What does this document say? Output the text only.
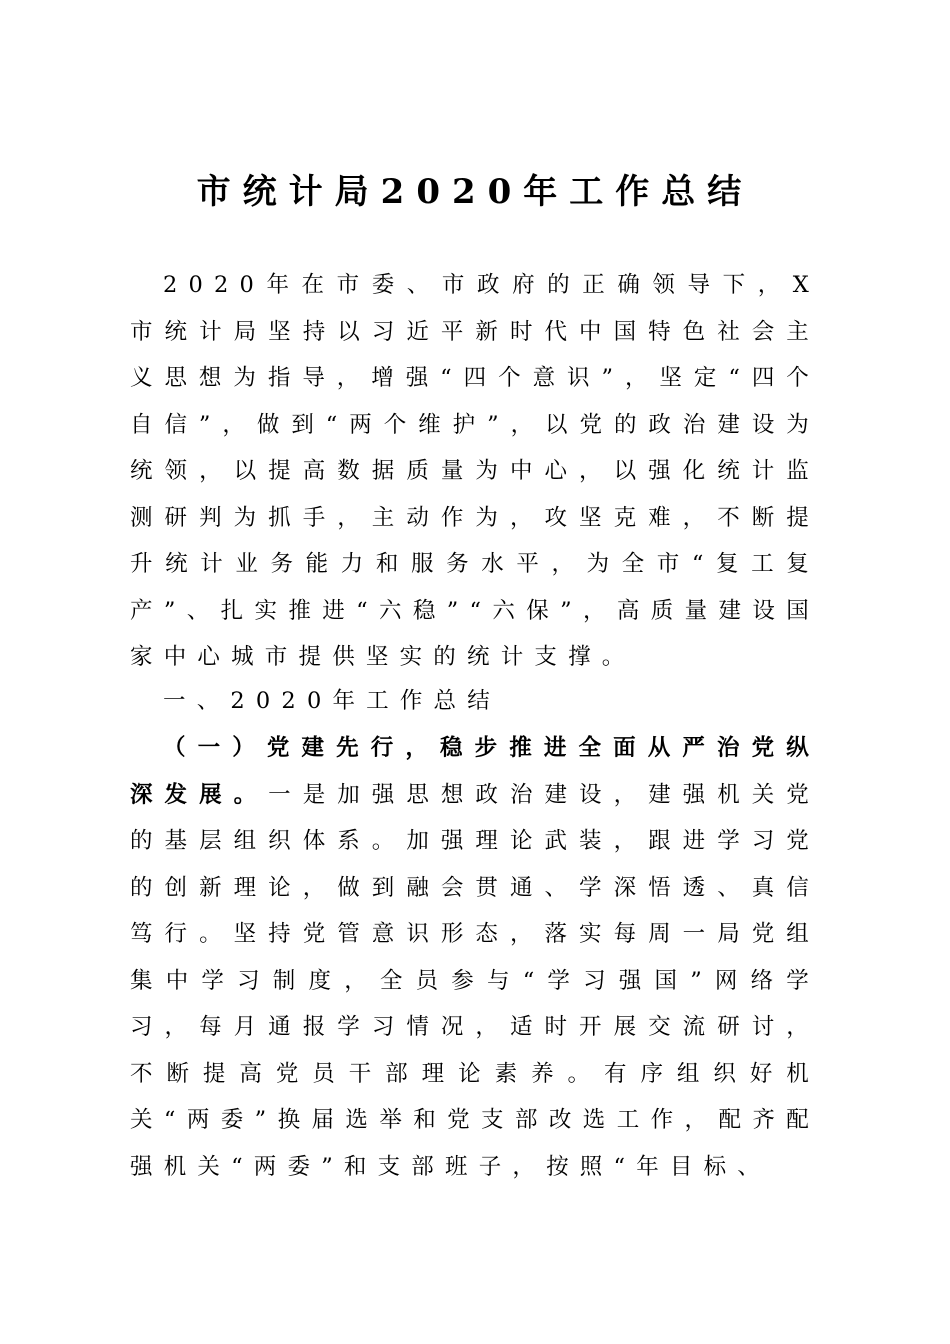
市统计局2020年工作总结
2020年在市委、市政府的正确领导下，X市统计局坚持以习近平新时代中国特色社会主义思想为指导，增强“四个意识”，坚定“四个自信”，做到“两个维护”，以党的政治建设为统领，以提高数据质量为中心，以强化统计监测研判为抓手，主动作为，攻坚克难，不断提升统计业务能力和服务水平，为全市“复工复产”、扎实推进“六稳”“六保”，高质量建设国家中心城市提供坚实的统计支撑。
一、2020年工作总结
（一）党建先行，稳步推进全面从严治党纵深发展。一是加强思想政治建设，建强机关党的基层组织体系。加强理论武装，跟进学习党的创新理论，做到融会贯通、学深悟透、真信笃行。坚持党管意识形态，落实每周一局党组集中学习制度，全员参与“学习强国”网络学习，每月通报学习情况，适时开展交流研讨，不断提高党员干部理论素养。有序组织好机关“两委”换届选举和党支部改选工作，配齐配强机关“两委”和支部班子，按照“年目标、
